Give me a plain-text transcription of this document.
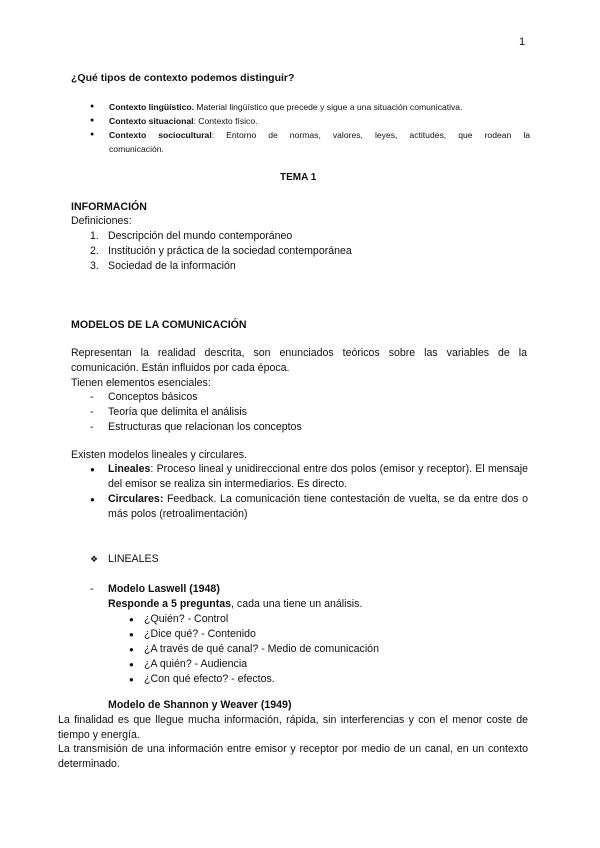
1
¿Qué tipos de contexto podemos distinguir?
● Contexto lingüístico. Material lingüístico que precede y sigue a una situación comunicativa.
● Contexto situacional: Contexto físico.
● Contexto sociocultural: Entorno de normas, valores, leyes, actitudes, que rodean la
comunicación.
TEMA 1
INFORMACIÓN
Definiciones:
1. Descripción del mundo contemporáneo
2. Institución y práctica de la sociedad contemporánea
3. Sociedad de la información
MODELOS DE LA COMUNICACIÓN
Representan la realidad descrita, son enunciados teóricos sobre las variables de la comunicación. Están influidos por cada época.
Tienen elementos esenciales:
- Conceptos básicos
- Teoría que delimita el análisis
- Estructuras que relacionan los conceptos
Existen modelos lineales y circulares.
● Lineales: Proceso lineal y unidireccional entre dos polos (emisor y receptor). El mensaje del emisor se realiza sin intermediarios. Es directo.
● Circulares: Feedback. La comunicación tiene contestación de vuelta, se da entre dos o más polos (retroalimentación)
❖ LINEALES
- Modelo Laswell (1948)
Responde a 5 preguntas, cada una tiene un análisis.
● ¿Quién? - Control
● ¿Dice qué? - Contenido
● ¿A través de qué canal? - Medio de comunicación
● ¿A quién? - Audiencia
● ¿Con qué efecto? - efectos.
Modelo de Shannon y Weaver (1949)
La finalidad es que llegue mucha información, rápida, sin interferencias y con el menor coste de tiempo y energía.
La transmisión de una información entre emisor y receptor por medio de un canal, en un contexto determinado.
